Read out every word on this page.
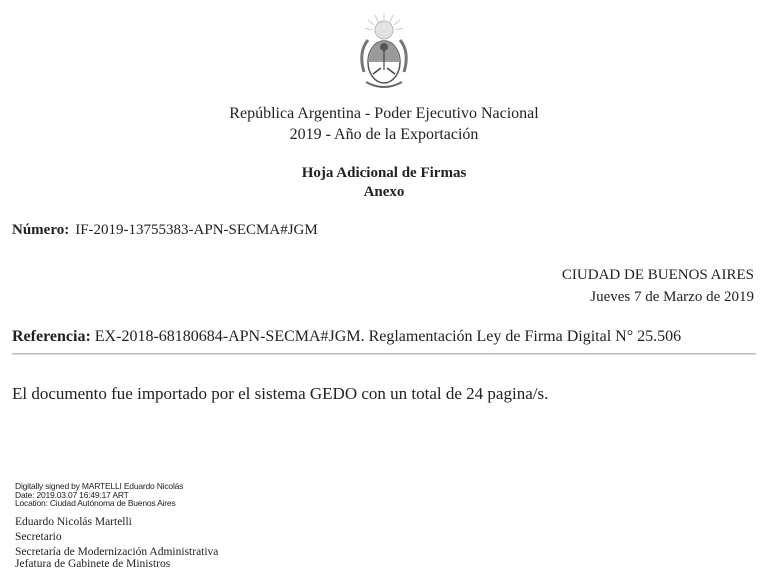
República Argentina - Poder Ejecutivo Nacional
2019 - Año de la Exportación
Hoja Adicional de Firmas
Anexo
Número: IF-2019-13755383-APN-SECMA#JGM
CIUDAD DE BUENOS AIRES
Jueves 7 de Marzo de 2019
Referencia: EX-2018-68180684-APN-SECMA#JGM. Reglamentación Ley de Firma Digital N° 25.506
El documento fue importado por el sistema GEDO con un total de 24 pagina/s.
Digitally signed by MARTELLI Eduardo Nicolás
Date: 2019.03.07 16:49:17 ART
Location: Ciudad Autónoma de Buenos Aires
Eduardo Nicolás Martelli
Secretario
Secretaría de Modernización Administrativa
Jefatura de Gabinete de Ministros
